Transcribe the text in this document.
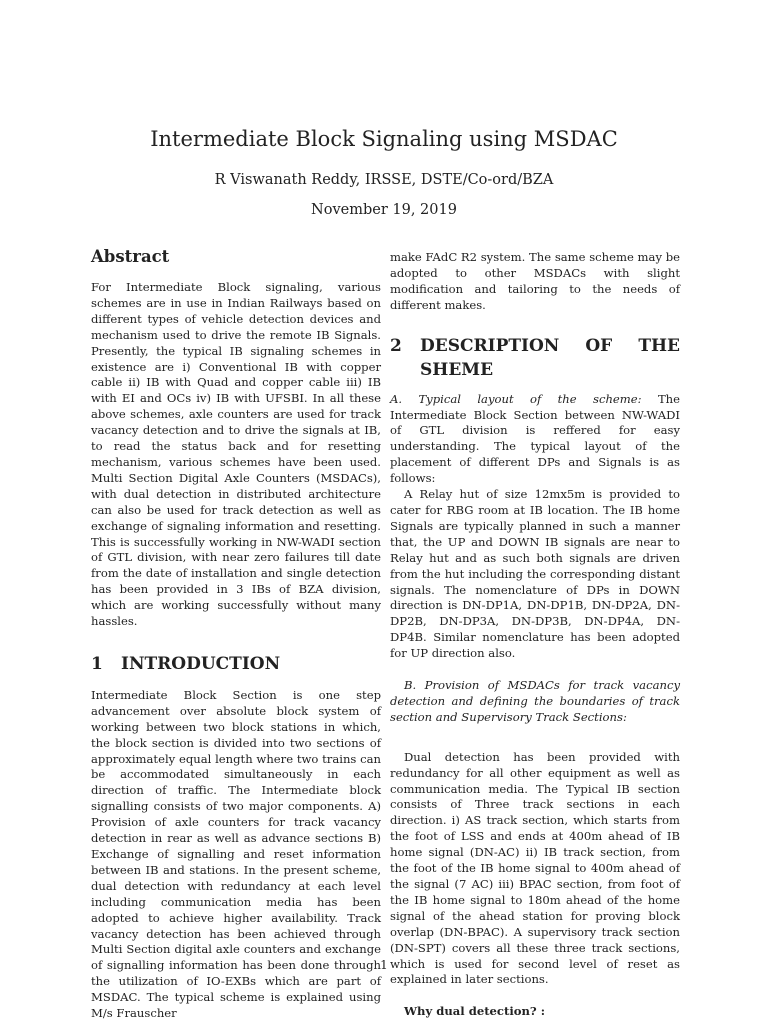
Intermediate Block Signaling using MSDAC
R Viswanath Reddy, IRSSE, DSTE/Co-ord/BZA
November 19, 2019
Abstract

For Intermediate Block signaling, various schemes are in use in Indian Railways based on different types of vehicle detection devices and mechanism used to drive the remote IB Signals. Presently, the typical IB signaling schemes in existence are i) Conventional IB with copper cable ii) IB with Quad and copper cable iii) IB with EI and OCs iv) IB with UFSBI. In all these above schemes, axle counters are used for track vacancy detection and to drive the signals at IB, to read the status back and for resetting mechanism, various schemes have been used. Multi Section Digital Axle Counters (MSDACs), with dual detection in distributed architecture can also be used for track detection as well as exchange of signaling information and resetting. This is successfully working in NW-WADI section of GTL division, with near zero failures till date from the date of installation and single detection has been provided in 3 IBs of BZA division, which are working successfully without many hassles.

1 INTRODUCTION

Intermediate Block Section is one step advancement over absolute block system of working between two block stations in which, the block section is divided into two sections of approximately equal length where two trains can be accommodated simultaneously in each direction of traffic. The Intermediate block signalling consists of two major components. A) Provision of axle counters for track vacancy detection in rear as well as advance sections B) Exchange of signalling and reset information between IB and stations. In the present scheme, dual detection with redundancy at each level including communication media has been adopted to achieve higher availability. Track vacancy detection has been achieved through Multi Section digital axle counters and exchange of signalling information has been done through the utilization of IO-EXBs which are part of MSDAC. The typical scheme is explained using M/s Frauscher

make FAdC R2 system. The same scheme may be adopted to other MSDACs with slight modification and tailoring to the needs of different makes.

2	DESCRIPTION OF THE
SHEME

A. Typical layout of the scheme: The Intermediate Block Section between NW-WADI of GTL division is reffered for easy understanding. The typical layout of the placement of different DPs and Signals is as follows:

A Relay hut of size 12mx5m is provided to cater for RBG room at IB location. The IB home Signals are typically planned in such a manner that, the UP and DOWN IB signals are near to Relay hut and as such both signals are driven from the hut including the corresponding distant signals. The nomenclature of DPs in DOWN direction is DN-DP1A, DN-DP1B, DN-DP2A, DN-DP2B, DN-DP3A, DN-DP3B, DN-DP4A, DN-DP4B. Similar nomenclature has been adopted for UP direction also.

B. Provision of MSDACs for track vacancy detection and defining the boundaries of track section and Supervisory Track Sections:

Dual detection has been provided with redundancy for all other equipment as well as communication media. The Typical IB section consists of Three track sections in each direction. i) AS track section, which starts from the foot of LSS and ends at 400m ahead of IB home signal (DN-AC) ii) IB track section, from the foot of the IB home signal to 400m ahead of the signal (7 AC) iii) BPAC section, from foot of the IB home signal to 180m ahead of the home signal of the ahead station for proving block overlap (DN-BPAC). A supervisory track section (DN-SPT) covers all these three track sections, which is used for second level of reset as explained in later sections.

Why dual detection? :

1
